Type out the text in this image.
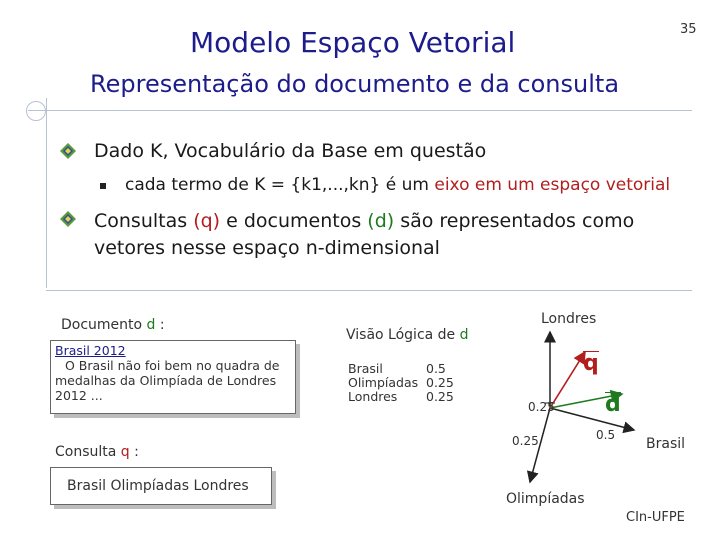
Modelo Espaço Vetorial	35
Representação do documento e da consulta
Dado K, Vocabulário da Base em questão
cada termo de K = {k1,...,kn} é um eixo em um espaço vetorial
Consultas (q) e documentos (d) são representados como vetores nesse espaço n-dimensional
Documento d :
Brasil 2012
O Brasil não foi bem no quadra de medalhas da Olimpíada de Londres 2012 ...
Consulta q :
Brasil Olimpíadas Londres
Visão Lógica de d
Brasil	0.5
Olimpíadas 0.25
Londres 0.25
Londres
Brasil
Olimpíadas
0.25
0.25	0.5
q
d
CIn-UFPE
